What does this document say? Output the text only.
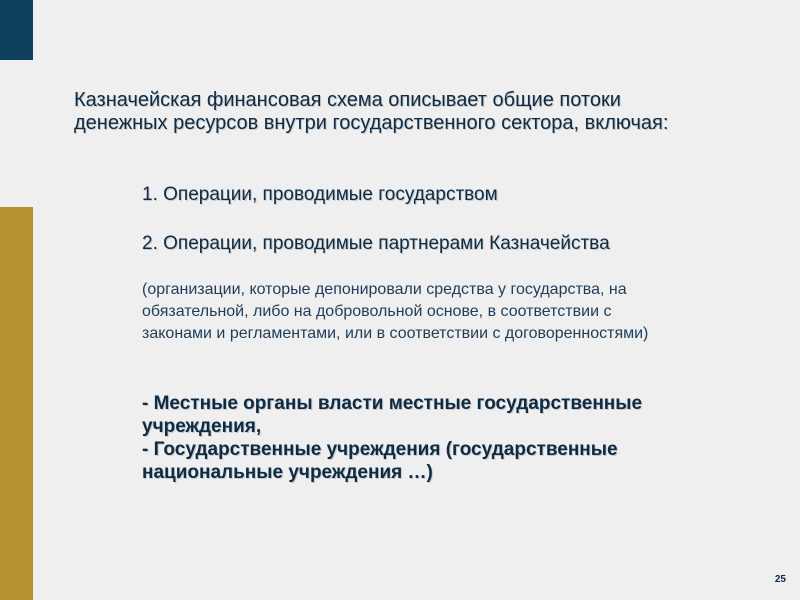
Казначейская финансовая схема описывает общие потоки денежных ресурсов внутри государственного сектора, включая:
1. Операции, проводимые государством
2. Операции, проводимые партнерами Казначейства
(организации, которые депонировали средства у государства, на обязательной, либо на добровольной основе, в соответствии с законами и регламентами, или в соответствии с договоренностями)
- Местные органы власти местные государственные учреждения,
- Государственные учреждения (государственные национальные учреждения …)
25
